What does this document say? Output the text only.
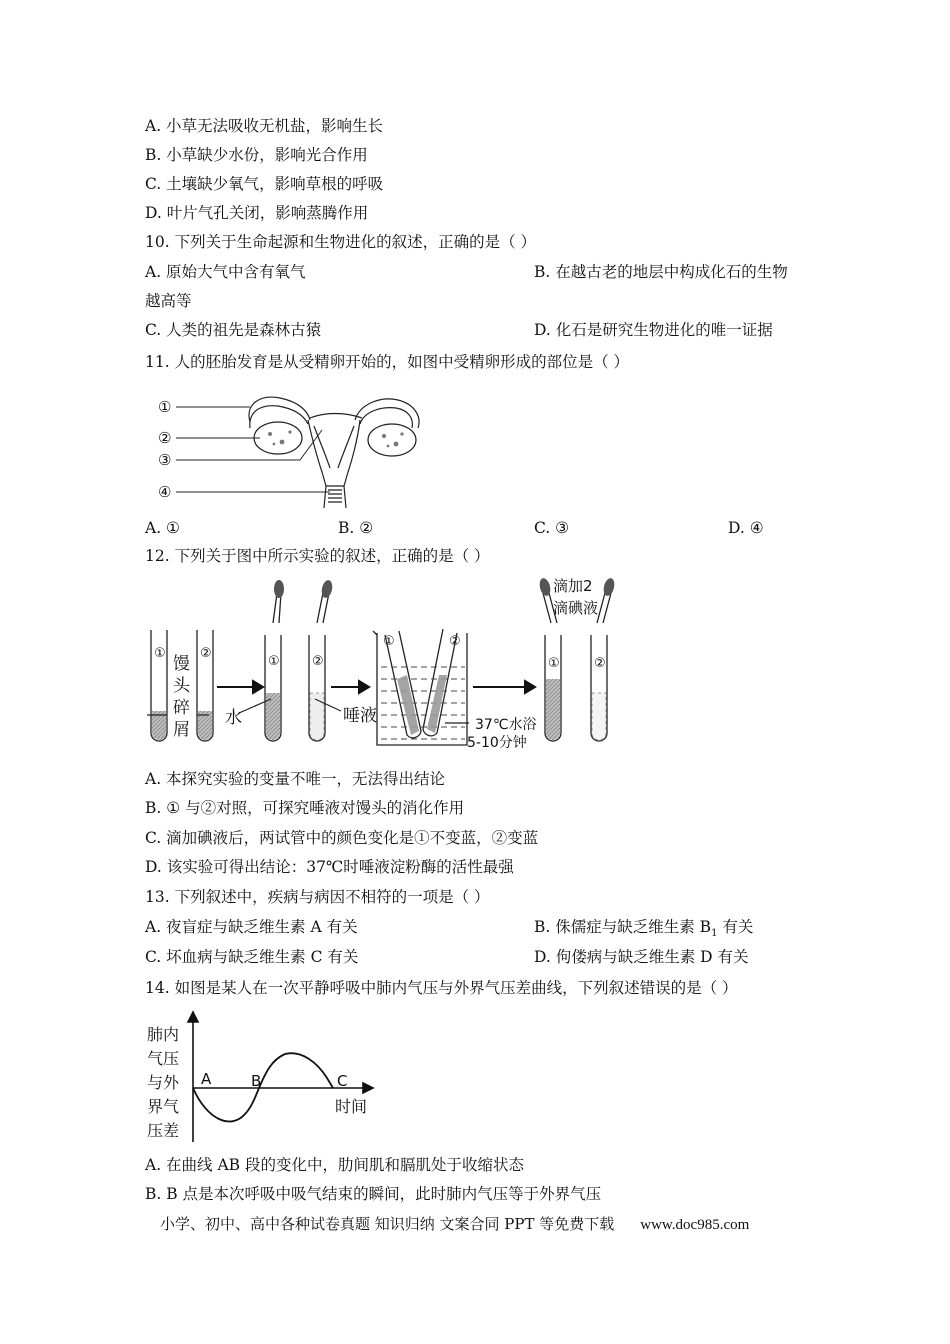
A. 小草无法吸收无机盐，影响生长
B. 小草缺少水份，影响光合作用
C. 土壤缺少氧气，影响草根的呼吸
D. 叶片气孔关闭，影响蒸腾作用
10. 下列关于生命起源和生物进化的叙述，正确的是（ ）
A. 原始大气中含有氧气	B. 在越古老的地层中构成化石的生物
越高等
C. 人类的祖先是森林古猿	D. 化石是研究生物进化的唯一证据
11. 人的胚胎发育是从受精卵开始的，如图中受精卵形成的部位是（ ）
①
②
③
④
A. ①	B. ②	C. ③	D. ④
12. 下列关于图中所示实验的叙述，正确的是（ ）
①	②
① ②
①	②
①	②
馒
头
碎
屑
水	唾液
滴加2
滴碘液
37℃水浴
5-10分钟
A. 本探究实验的变量不唯一，无法得出结论
B. ① 与②对照，可探究唾液对馒头的消化作用
C. 滴加碘液后，两试管中的颜色变化是①不变蓝，②变蓝
D. 该实验可得出结论：37℃时唾液淀粉酶的活性最强
13. 下列叙述中，疾病与病因不相符的一项是（ ）
A. 夜盲症与缺乏维生素 A 有关	B. 侏儒症与缺乏维生素 $B_1$ 有关
C. 坏血病与缺乏维生素 C 有关	D. 佝偻病与缺乏维生素 D 有关
14. 如图是某人在一次平静呼吸中肺内气压与外界气压差曲线，下列叙述错误的是（ ）
肺内
气压
与外
界气
压差
时间
A	B	C
A. 在曲线 AB 段的变化中，肋间肌和膈肌处于收缩状态
B. B 点是本次呼吸中吸气结束的瞬间，此时肺内气压等于外界气压
小学、初中、高中各种试卷真题 知识归纳 文案合同 PPT 等免费下载 www.doc985.com
